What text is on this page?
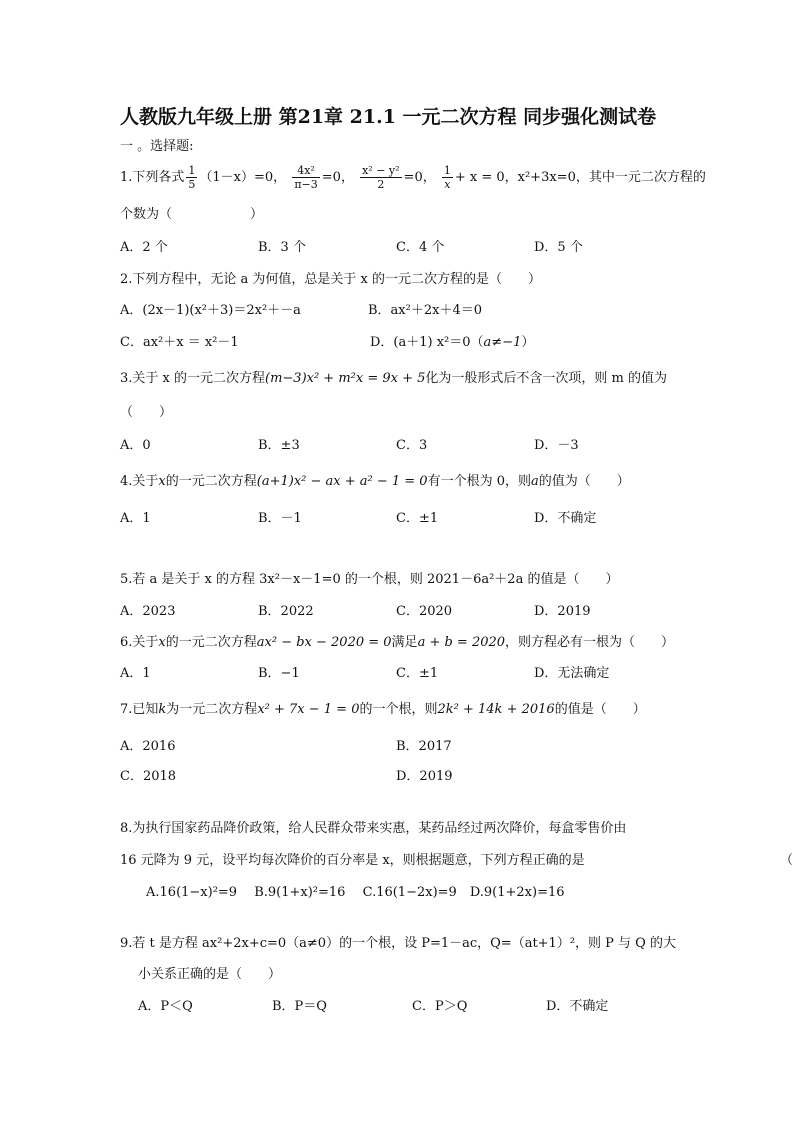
人教版九年级上册 第21章 21.1 一元二次方程 同步强化测试卷
一 。选择题:
1.下列各式 $\frac{1}{5} (1-x)=0$， $\frac{\text{4x²}}{\pi-3} =0$， $\frac{\text{x² − y²}}{2} =0$， $\frac{1}{x} + x = 0$，x²+3x=0，其中一元二次方程的
个数为（　　　　　　）
A．2 个	B．3 个	C．4 个	D．5 个
2.下列方程中，无论 a 为何值，总是关于 x 的一元二次方程的是（　　）
A．(2x－1)(x²＋3)＝2x²＋－a	B．ax²＋2x＋4＝0
C．ax²＋x ＝ x²－1	D．(a＋1) x²＝0（a≠−1）
3.关于 x 的一元二次方程(m−3)x² + m²x = 9x + 5化为一般形式后不含一次项，则 m 的值为
（　　）
A．0	B．±3	C．3	D．－3
4.关于x的一元二次方程(a+1)x² − ax + a² − 1 = 0有一个根为 0，则a的值为（　　）
A．1	B．－1	C．±1	D．不确定
5.若 a 是关于 x 的方程 3x²－x－1=0 的一个根，则 2021－6a²＋2a 的值是（　　）
A．2023	B．2022	C．2020	D．2019
6.关于x的一元二次方程ax² − bx − 2020 = 0满足a + b = 2020，则方程必有一根为（　　）
A．1	B．−1	C．±1	D．无法确定
7.已知k为一元二次方程x² + 7x − 1 = 0的一个根，则2k² + 14k + 2016的值是（　　）
A．2016	B．2017
C．2018	D．2019
8.为执行国家药品降价政策，给人民群众带来实惠，某药品经过两次降价，每盒零售价由
16 元降为 9 元，设平均每次降价的百分率是 x，则根据题意，下列方程正确的是	（
A.16(1−x)²=9　 B.9(1+x)²=16　 C.16(1−2x)=9　D.9(1+2x)=16
9.若 t 是方程 ax²+2x+c=0（a≠0）的一个根，设 P=1－ac，Q=（at+1）²，则 P 与 Q 的大
小关系正确的是（　　）
A．P＜Q	B．P＝Q	C．P＞Q	D．不确定
